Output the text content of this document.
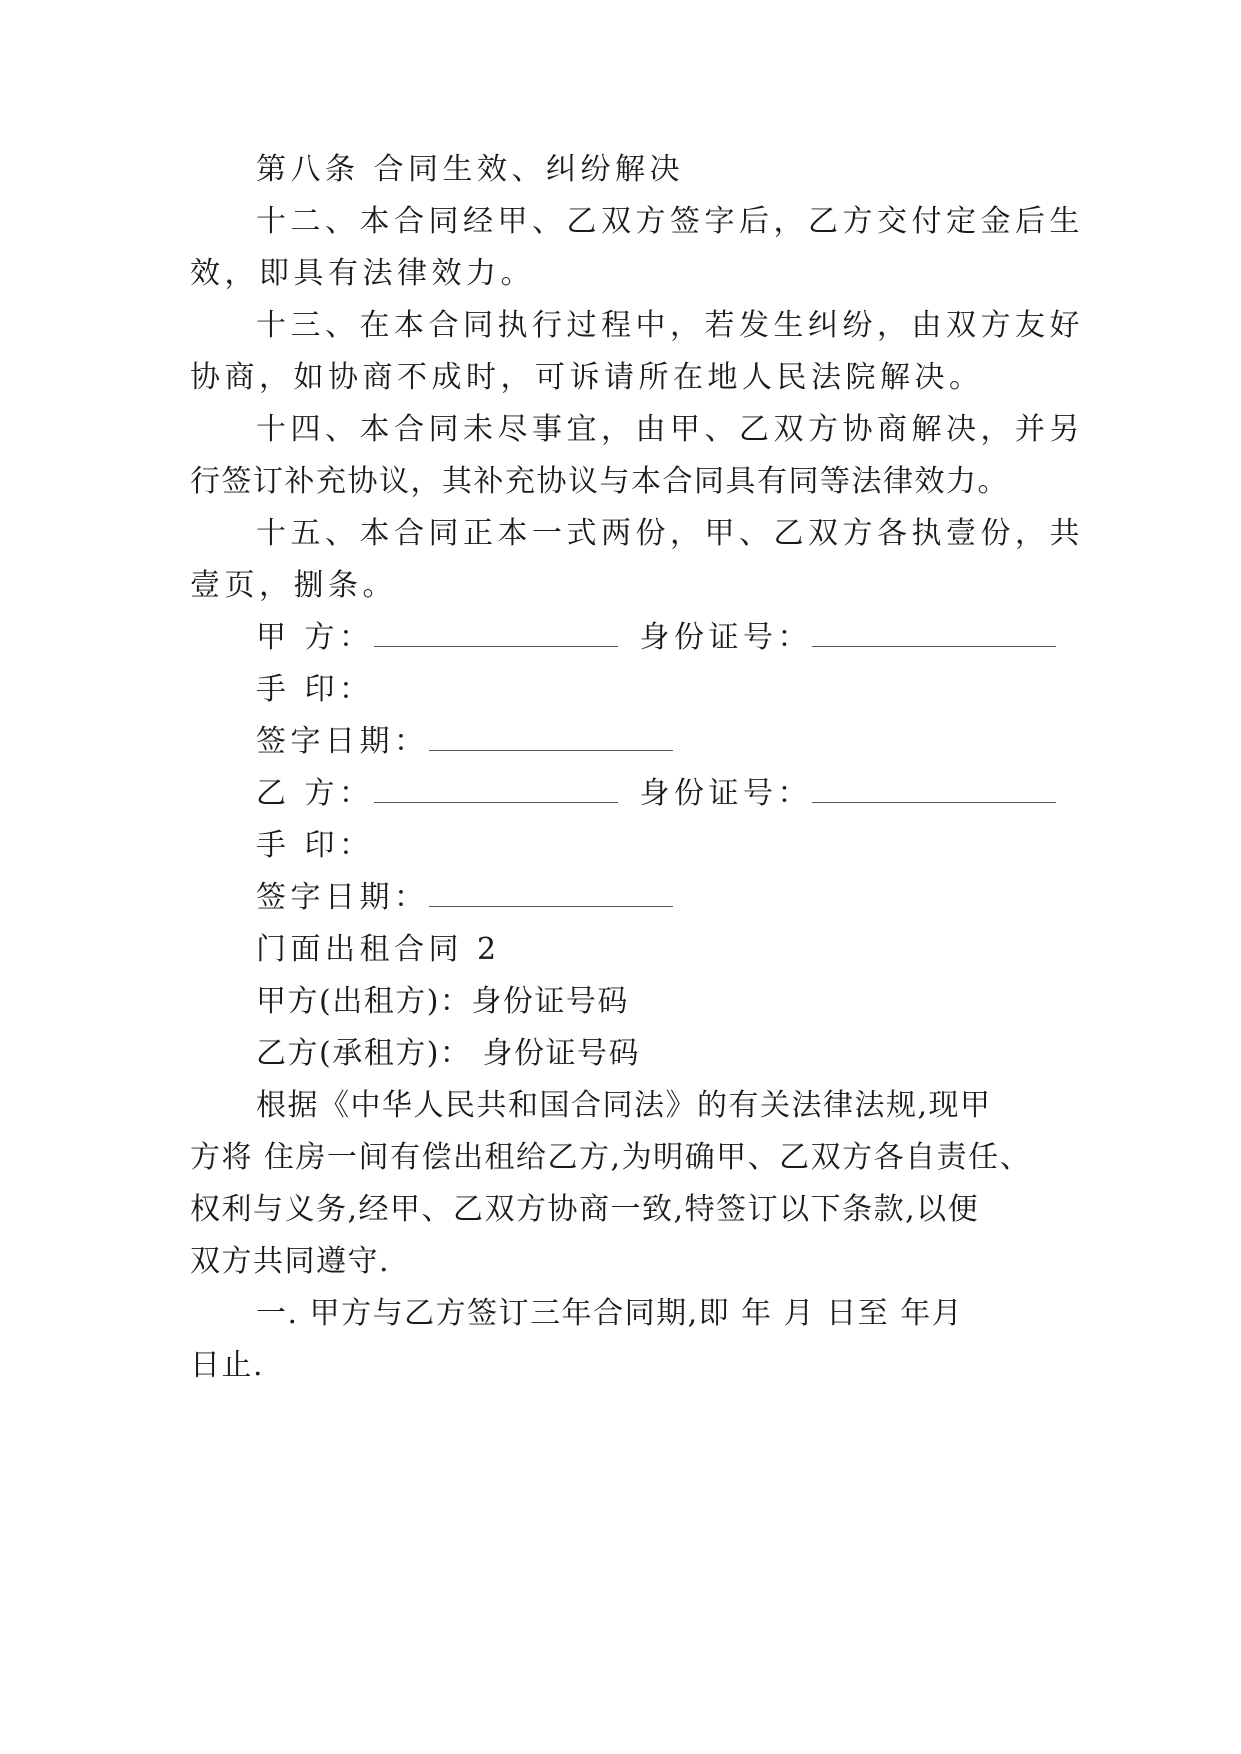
第八条 合同生效、纠纷解决
十二、本合同经甲、乙双方签字后，乙方交付定金后生
效，即具有法律效力。
十三、在本合同执行过程中，若发生纠纷，由双方友好
协商，如协商不成时，可诉请所在地人民法院解决。
十四、本合同未尽事宜，由甲、乙双方协商解决，并另
行签订补充协议，其补充协议与本合同具有同等法律效力。
十五、本合同正本一式两份，甲、乙双方各执壹份，共
壹页，捌条。
甲 方：	身份证号：
手 印：
签字日期：
乙 方：	身份证号：
手 印：
签字日期：
门面出租合同 2
甲方(出租方)：身份证号码
乙方(承租方)： 身份证号码
根据《中华人民共和国合同法》的有关法律法规,现甲
方将 住房一间有偿出租给乙方,为明确甲、乙双方各自责任、
权利与义务,经甲、乙双方协商一致,特签订以下条款,以便
双方共同遵守.
一. 甲方与乙方签订三年合同期,即 年 月 日至 年月
日止.
